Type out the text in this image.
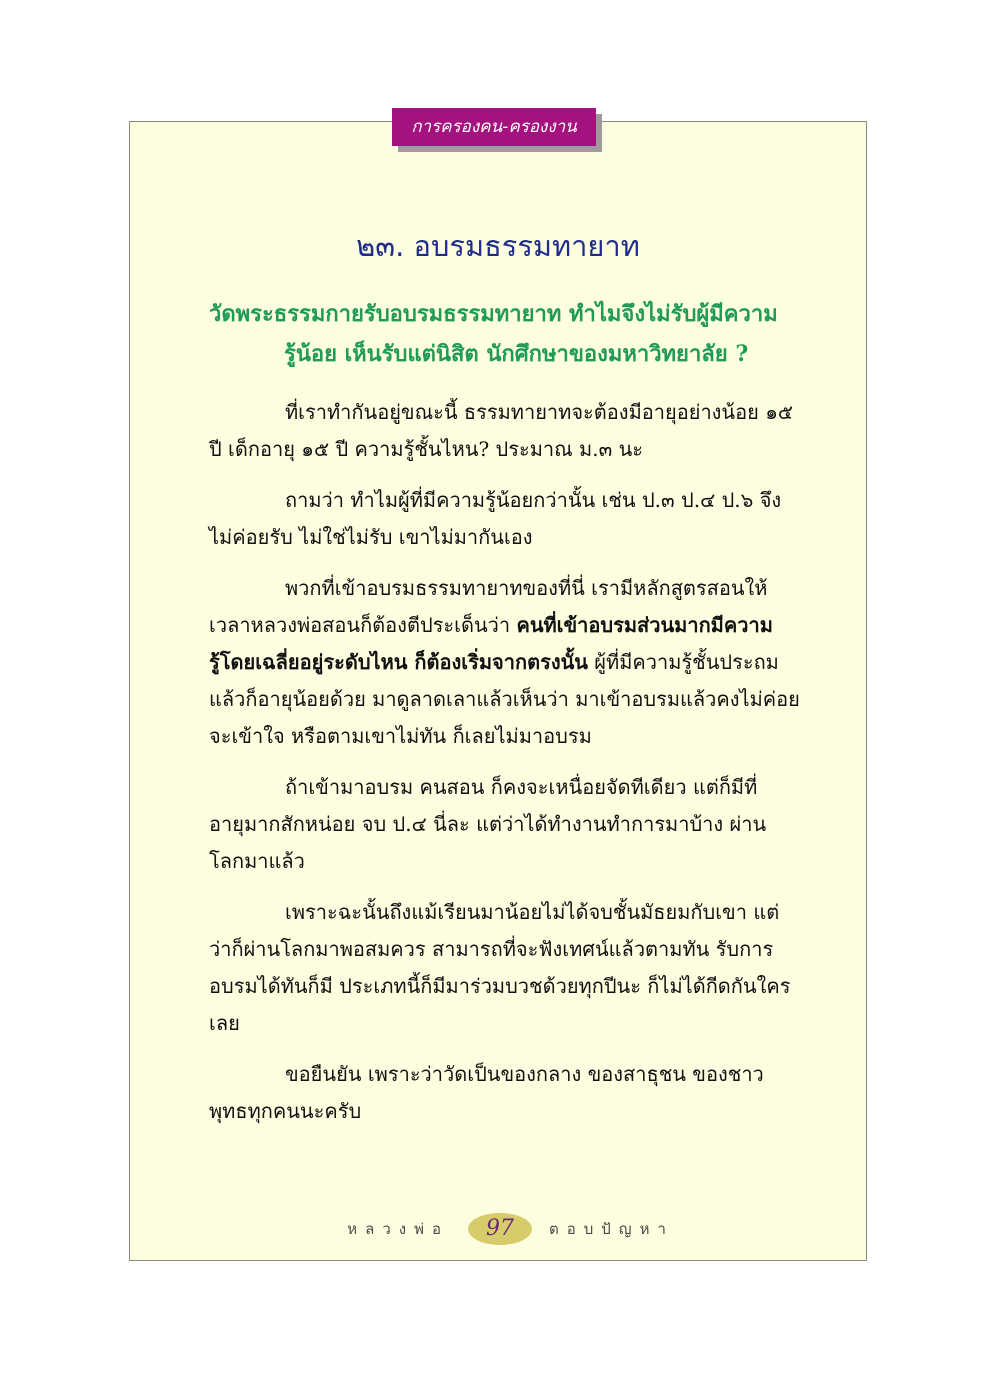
การครองคน-ครองงาน
๒๓. อบรมธรรมทายาท
วัดพระธรรมกายรับอบรมธรรมทายาท ทำไมจึงไม่รับผู้มีความ
รู้น้อย เห็นรับแต่นิสิต นักศึกษาของมหาวิทยาลัย ?
ที่เราทำกันอยู่ขณะนี้ ธรรมทายาทจะต้องมีอายุอย่างน้อย ๑๕
ปี เด็กอายุ ๑๕ ปี ความรู้ชั้นไหน? ประมาณ ม.๓ นะ
ถามว่า ทำไมผู้ที่มีความรู้น้อยกว่านั้น เช่น ป.๓ ป.๔ ป.๖ จึง
ไม่ค่อยรับ ไม่ใช่ไม่รับ เขาไม่มากันเอง
พวกที่เข้าอบรมธรรมทายาทของที่นี่ เรามีหลักสูตรสอนให้
เวลาหลวงพ่อสอนก็ต้องตีประเด็นว่า คนที่เข้าอบรมส่วนมากมีความ
รู้โดยเฉลี่ยอยู่ระดับไหน ก็ต้องเริ่มจากตรงนั้น ผู้ที่มีความรู้ชั้นประถม
แล้วก็อายุน้อยด้วย มาดูลาดเลาแล้วเห็นว่า มาเข้าอบรมแล้วคงไม่ค่อย
จะเข้าใจ หรือตามเขาไม่ทัน ก็เลยไม่มาอบรม
ถ้าเข้ามาอบรม คนสอน ก็คงจะเหนื่อยจัดทีเดียว แต่ก็มีที่
อายุมากสักหน่อย จบ ป.๔ นี่ละ แต่ว่าได้ทำงานทำการมาบ้าง ผ่าน
โลกมาแล้ว
เพราะฉะนั้นถึงแม้เรียนมาน้อยไม่ได้จบชั้นมัธยมกับเขา แต่
ว่าก็ผ่านโลกมาพอสมควร สามารถที่จะฟังเทศน์แล้วตามทัน รับการ
อบรมได้ทันก็มี ประเภทนี้ก็มีมาร่วมบวชด้วยทุกปีนะ ก็ไม่ได้กีดกันใคร
เลย
ขอยืนยัน เพราะว่าวัดเป็นของกลาง ของสาธุชน ของชาว
พุทธทุกคนนะครับ
หลวงพ่อ	97	ตอบปัญหา
